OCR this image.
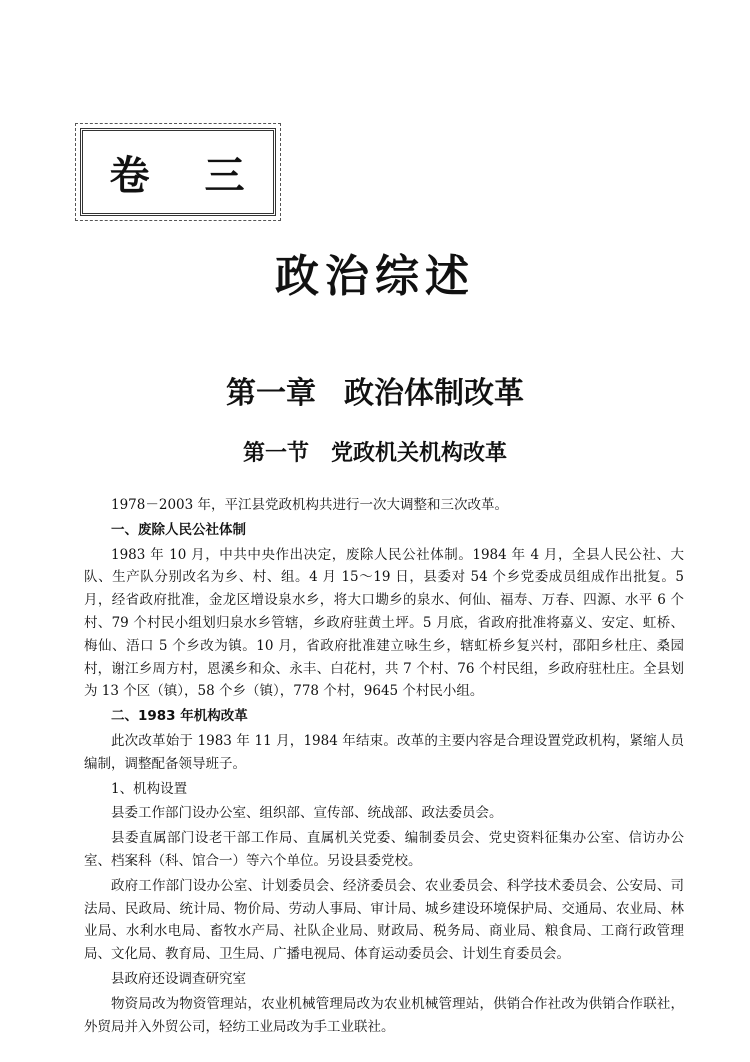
卷 三
政治综述
第一章 政治体制改革
第一节 党政机关机构改革

1978－2003 年，平江县党政机构共进行一次大调整和三次改革。

一、废除人民公社体制

1983 年 10 月，中共中央作出决定，废除人民公社体制。1984 年 4 月，全县人民公社、大队、生产队分别改名为乡、村、组。4 月 15～19 日，县委对 54 个乡党委成员组成作出批复。5 月，经省政府批准，金龙区增设泉水乡，将大口墈乡的泉水、何仙、福寿、万春、四源、水平 6 个村、79 个村民小组划归泉水乡管辖，乡政府驻黄土坪。5 月底，省政府批准将嘉义、安定、虹桥、梅仙、浯口 5 个乡改为镇。10 月，省政府批准建立咏生乡，辖虹桥乡复兴村，邵阳乡杜庄、桑园村，谢江乡周方村，恩溪乡和众、永丰、白花村，共 7 个村、76 个村民组，乡政府驻杜庄。全县划为 13 个区（镇），58 个乡（镇），778 个村，9645 个村民小组。

二、1983 年机构改革

此次改革始于 1983 年 11 月，1984 年结束。改革的主要内容是合理设置党政机构，紧缩人员编制，调整配备领导班子。

1、机构设置

县委工作部门设办公室、组织部、宣传部、统战部、政法委员会。

县委直属部门设老干部工作局、直属机关党委、编制委员会、党史资料征集办公室、信访办公室、档案科（科、馆合一）等六个单位。另设县委党校。

政府工作部门设办公室、计划委员会、经济委员会、农业委员会、科学技术委员会、公安局、司法局、民政局、统计局、物价局、劳动人事局、审计局、城乡建设环境保护局、交通局、农业局、林业局、水利水电局、畜牧水产局、社队企业局、财政局、税务局、商业局、粮食局、工商行政管理局、文化局、教育局、卫生局、广播电视局、体育运动委员会、计划生育委员会。

县政府还设调查研究室

物资局改为物资管理站，农业机械管理局改为农业机械管理站，供销合作社改为供销合作联社，外贸局并入外贸公司，轻纺工业局改为手工业联社。
